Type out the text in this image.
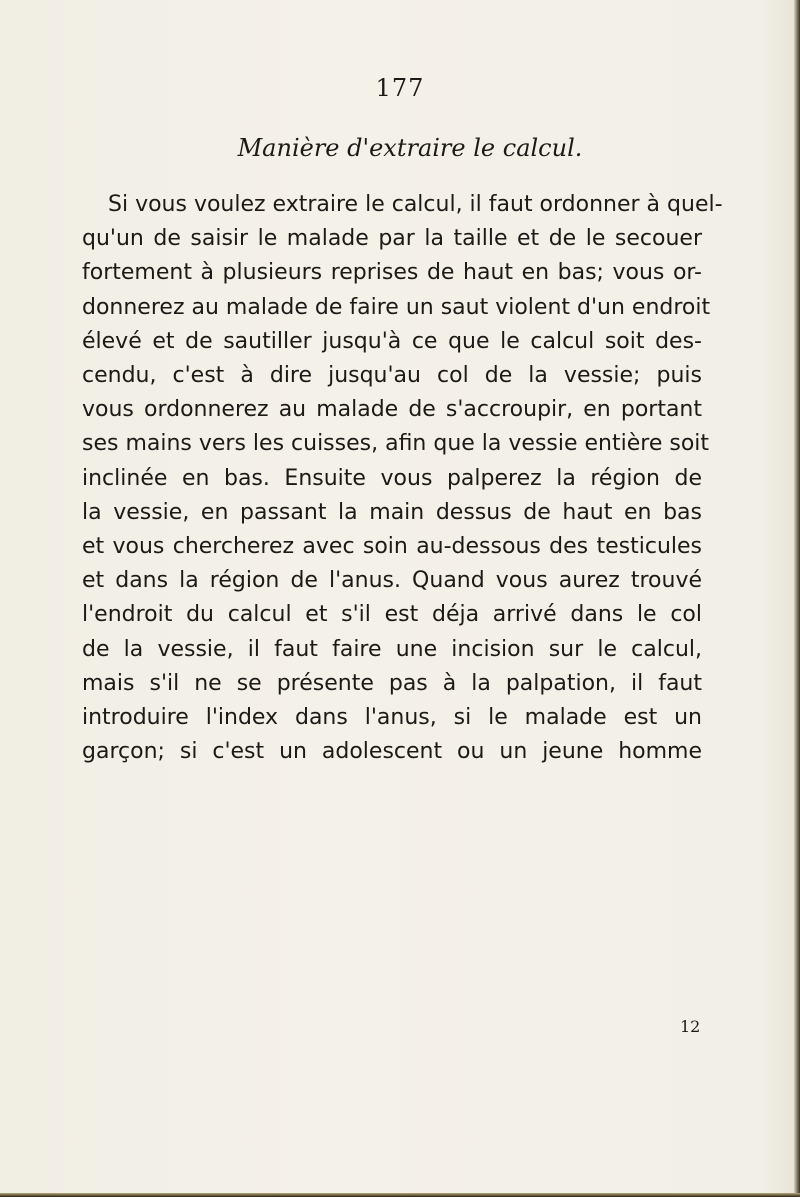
177
Manière d'extraire le calcul.
Si vous voulez extraire le calcul, il faut ordonner à quel-
qu'un de saisir le malade par la taille et de le secouer
fortement à plusieurs reprises de haut en bas; vous or-
donnerez au malade de faire un saut violent d'un endroit
élevé et de sautiller jusqu'à ce que le calcul soit des-
cendu, c'est à dire jusqu'au col de la vessie; puis
vous ordonnerez au malade de s'accroupir, en portant
ses mains vers les cuisses, afin que la vessie entière soit
inclinée en bas. Ensuite vous palperez la région de
la vessie, en passant la main dessus de haut en bas
et vous chercherez avec soin au-dessous des testicules
et dans la région de l'anus. Quand vous aurez trouvé
l'endroit du calcul et s'il est déja arrivé dans le col
de la vessie, il faut faire une incision sur le calcul,
mais s'il ne se présente pas à la palpation, il faut
introduire l'index dans l'anus, si le malade est un
garçon; si c'est un adolescent ou un jeune homme
12
